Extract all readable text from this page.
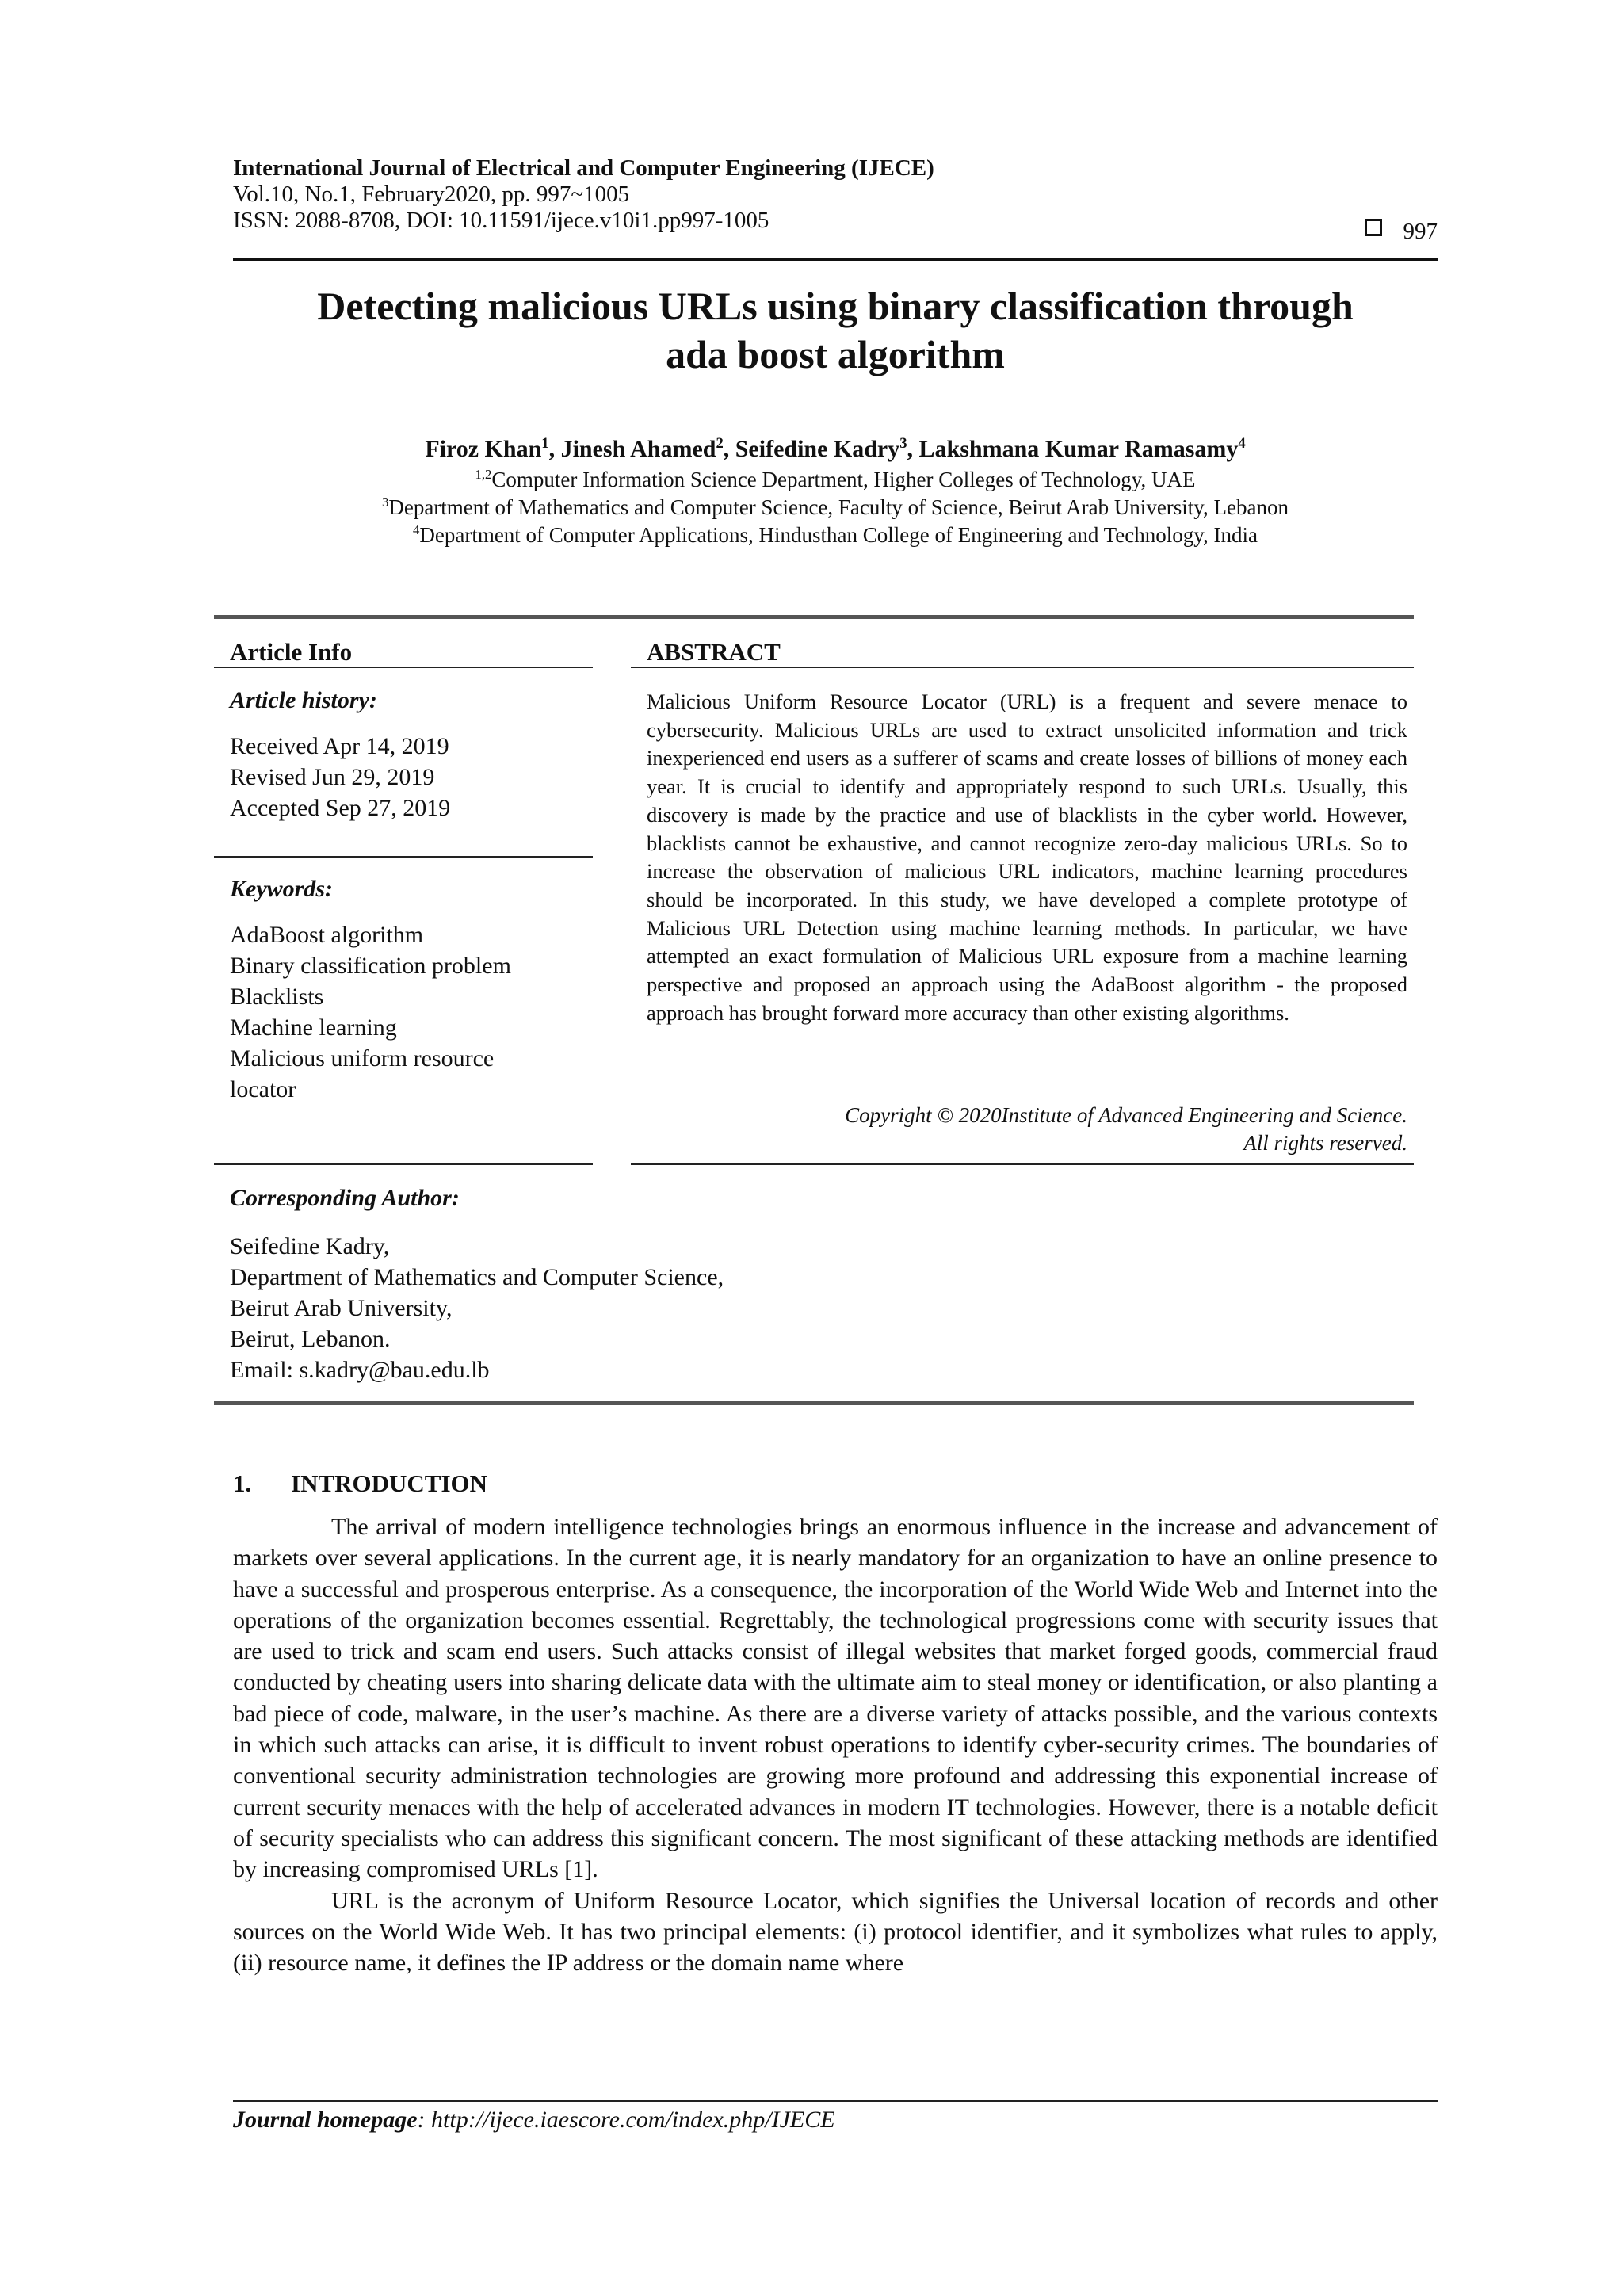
International Journal of Electrical and Computer Engineering (IJECE)
Vol.10, No.1, February2020, pp. 997~1005
ISSN: 2088-8708, DOI: 10.11591/ijece.v10i1.pp997-1005	997
Detecting malicious URLs using binary classification through
ada boost algorithm
Firoz Khan$^1$, Jinesh Ahamed$^2$, Seifedine Kadry$^3$, Lakshmana Kumar Ramasamy$^4$
$^{1,2}$Computer Information Science Department, Higher Colleges of Technology, UAE
$^3$Department of Mathematics and Computer Science, Faculty of Science, Beirut Arab University, Lebanon
$^4$Department of Computer Applications, Hindusthan College of Engineering and Technology, India
Article Info
Article history:
Received Apr 14, 2019
Revised Jun 29, 2019
Accepted Sep 27, 2019
Keywords:
AdaBoost algorithm
Binary classification problem
Blacklists
Machine learning
Malicious uniform resource
locator
ABSTRACT
Malicious Uniform Resource Locator (URL) is a frequent and severe menace to cybersecurity. Malicious URLs are used to extract unsolicited information and trick inexperienced end users as a sufferer of scams and create losses of billions of money each year. It is crucial to identify and appropriately respond to such URLs. Usually, this discovery is made by the practice and use of blacklists in the cyber world. However, blacklists cannot be exhaustive, and cannot recognize zero-day malicious URLs. So to increase the observation of malicious URL indicators, machine learning procedures should be incorporated. In this study, we have developed a complete prototype of Malicious URL Detection using machine learning methods. In particular, we have attempted an exact formulation of Malicious URL exposure from a machine learning perspective and proposed an approach using the AdaBoost algorithm - the proposed approach has brought forward more accuracy than other existing algorithms.
Copyright © 2020Institute of Advanced Engineering and Science.
All rights reserved.
Corresponding Author:
Seifedine Kadry,
Department of Mathematics and Computer Science,
Beirut Arab University,
Beirut, Lebanon.
Email: s.kadry@bau.edu.lb
1. INTRODUCTION

The arrival of modern intelligence technologies brings an enormous influence in the increase and advancement of markets over several applications. In the current age, it is nearly mandatory for an organization to have an online presence to have a successful and prosperous enterprise. As a consequence, the incorporation of the World Wide Web and Internet into the operations of the organization becomes essential. Regrettably, the technological progressions come with security issues that are used to trick and scam end users. Such attacks consist of illegal websites that market forged goods, commercial fraud conducted by cheating users into sharing delicate data with the ultimate aim to steal money or identification, or also planting a bad piece of code, malware, in the user’s machine. As there are a diverse variety of attacks possible, and the various contexts in which such attacks can arise, it is difficult to invent robust operations to identify cyber-security crimes. The boundaries of conventional security administration technologies are growing more profound and addressing this exponential increase of current security menaces with the help of accelerated advances in modern IT technologies. However, there is a notable deficit of security specialists who can address this significant concern. The most significant of these attacking methods are identified by increasing compromised URLs [1].

URL is the acronym of Uniform Resource Locator, which signifies the Universal location of records and other sources on the World Wide Web. It has two principal elements: (i) protocol identifier, and it symbolizes what rules to apply, (ii) resource name, it defines the IP address or the domain name where

Journal homepage: http://ijece.iaescore.com/index.php/IJECE
